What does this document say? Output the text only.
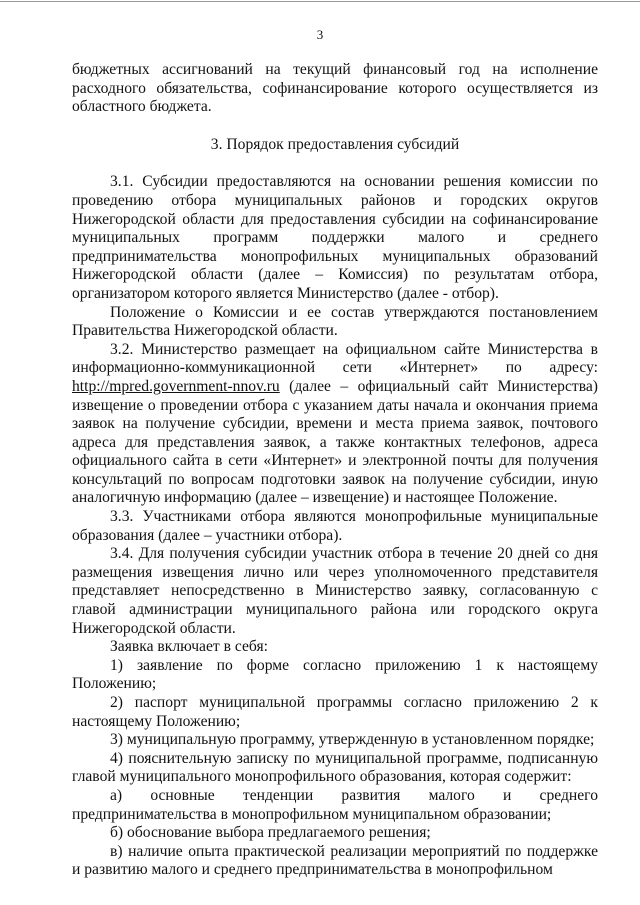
3

бюджетных ассигнований на текущий финансовый год на исполнение расходного обязательства, софинансирование которого осуществляется из областного бюджета.

3. Порядок предоставления субсидий

3.1. Субсидии предоставляются на основании решения комиссии по проведению отбора муниципальных районов и городских округов Нижегородской области для предоставления субсидии на софинансирование муниципальных программ поддержки малого и среднего предпринимательства монопрофильных муниципальных образований Нижегородской области (далее – Комиссия) по результатам отбора, организатором которого является Министерство (далее - отбор).

Положение о Комиссии и ее состав утверждаются постановлением Правительства Нижегородской области.

3.2. Министерство размещает на официальном сайте Министерства в информационно-коммуникационной сети «Интернет» по адресу: http://mpred.government-nnov.ru (далее – официальный сайт Министерства) извещение о проведении отбора с указанием даты начала и окончания приема заявок на получение субсидии, времени и места приема заявок, почтового адреса для представления заявок, а также контактных телефонов, адреса официального сайта в сети «Интернет» и электронной почты для получения консультаций по вопросам подготовки заявок на получение субсидии, иную аналогичную информацию (далее – извещение) и настоящее Положение.

3.3. Участниками отбора являются монопрофильные муниципальные образования (далее – участники отбора).

3.4. Для получения субсидии участник отбора в течение 20 дней со дня размещения извещения лично или через уполномоченного представителя представляет непосредственно в Министерство заявку, согласованную с главой администрации муниципального района или городского округа Нижегородской области.

Заявка включает в себя:

1) заявление по форме согласно приложению 1 к настоящему Положению;

2) паспорт муниципальной программы согласно приложению 2 к настоящему Положению;

3) муниципальную программу, утвержденную в установленном порядке;

4) пояснительную записку по муниципальной программе, подписанную главой муниципального монопрофильного образования, которая содержит:

а) основные тенденции развития малого и среднего предпринимательства в монопрофильном муниципальном образовании;

б) обоснование выбора предлагаемого решения;

в) наличие опыта практической реализации мероприятий по поддержке и развитию малого и среднего предпринимательства в монопрофильном
